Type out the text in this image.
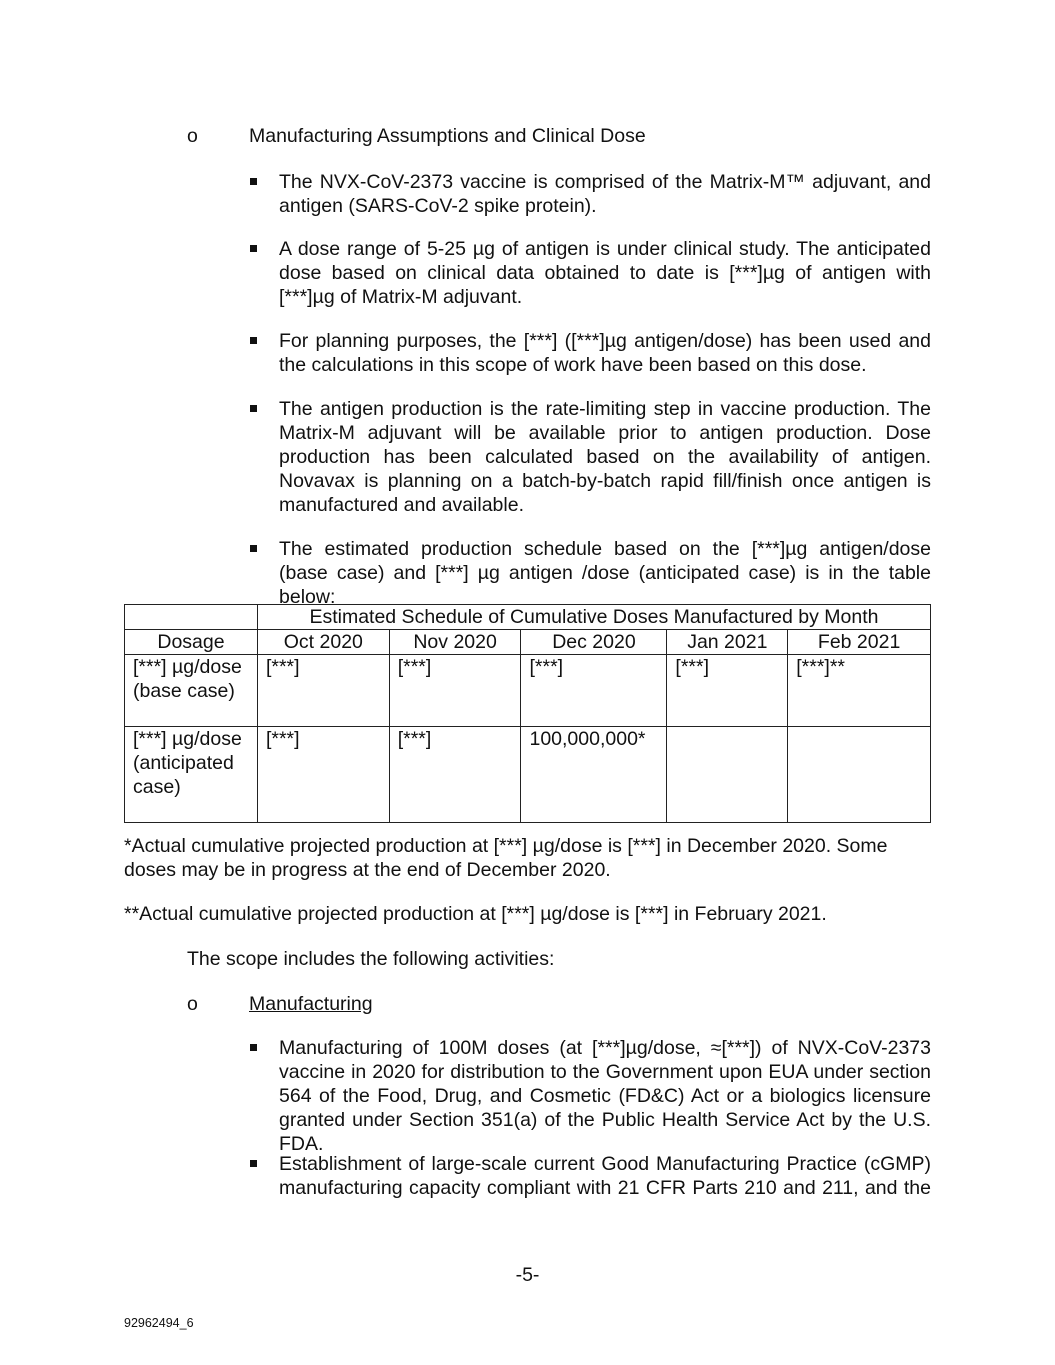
o	Manufacturing Assumptions and Clinical Dose
The NVX-CoV-2373 vaccine is comprised of the Matrix-M™ adjuvant, and antigen (SARS-CoV-2 spike protein).
A dose range of 5-25 µg of antigen is under clinical study. The anticipated dose based on clinical data obtained to date is [***]µg of antigen with [***]µg of Matrix-M adjuvant.
For planning purposes, the [***] ([***]µg antigen/dose) has been used and the calculations in this scope of work have been based on this dose.
The antigen production is the rate-limiting step in vaccine production. The Matrix-M adjuvant will be available prior to antigen production. Dose production has been calculated based on the availability of antigen. Novavax is planning on a batch-by-batch rapid fill/finish once antigen is manufactured and available.
The estimated production schedule based on the [***]µg antigen/dose (base case) and [***] µg antigen /dose (anticipated case) is in the table below:
	Estimated Schedule of Cumulative Doses Manufactured by Month				
Dosage	Oct 2020	Nov 2020	Dec 2020	Jan 2021	Feb 2021
[***] µg/dose (base case)	[***]	[***]	[***]	[***]	[***]**
[***] µg/dose (anticipated case)	[***]	[***]	100,000,000*		
*Actual cumulative projected production at [***] µg/dose is [***] in December 2020. Some doses may be in progress at the end of December 2020.
**Actual cumulative projected production at [***] µg/dose is [***] in February 2021.
The scope includes the following activities:
o	Manufacturing
Manufacturing of 100M doses (at [***]µg/dose, ≈[***]) of NVX-CoV-2373 vaccine in 2020 for distribution to the Government upon EUA under section 564 of the Food, Drug, and Cosmetic (FD&C) Act or a biologics licensure granted under Section 351(a) of the Public Health Service Act by the U.S. FDA.
Establishment of large-scale current Good Manufacturing Practice (cGMP) manufacturing capacity compliant with 21 CFR Parts 210 and 211, and the
-5-
92962494_6
